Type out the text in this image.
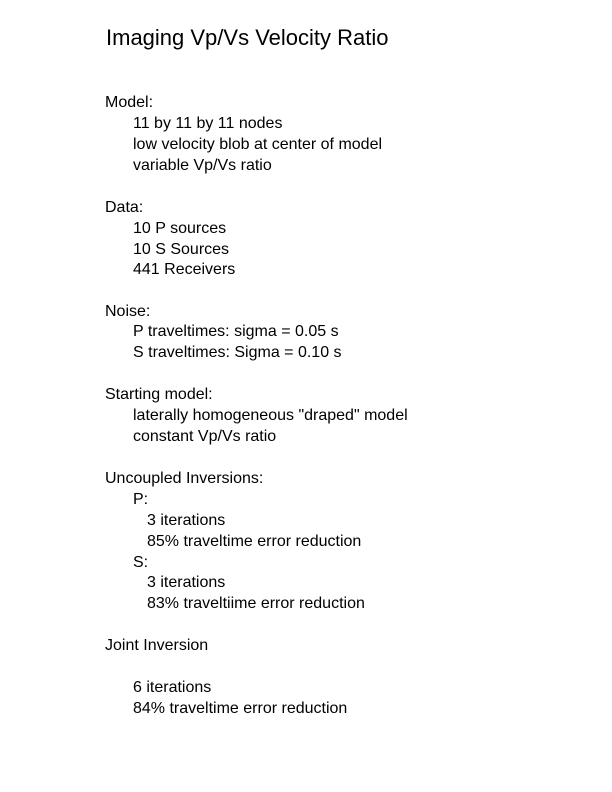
Imaging Vp/Vs Velocity Ratio
Model:
11 by 11 by 11 nodes
low velocity blob at center of model
variable Vp/Vs ratio
Data:
10 P sources
10 S Sources
441 Receivers
Noise:
P traveltimes: sigma = 0.05 s
S traveltimes: Sigma = 0.10 s
Starting model:
laterally homogeneous "draped" model
constant Vp/Vs ratio
Uncoupled Inversions:
P:
3 iterations
85% traveltime error reduction
S:
3 iterations
83% traveltiime error reduction
Joint Inversion
6 iterations
84% traveltime error reduction
